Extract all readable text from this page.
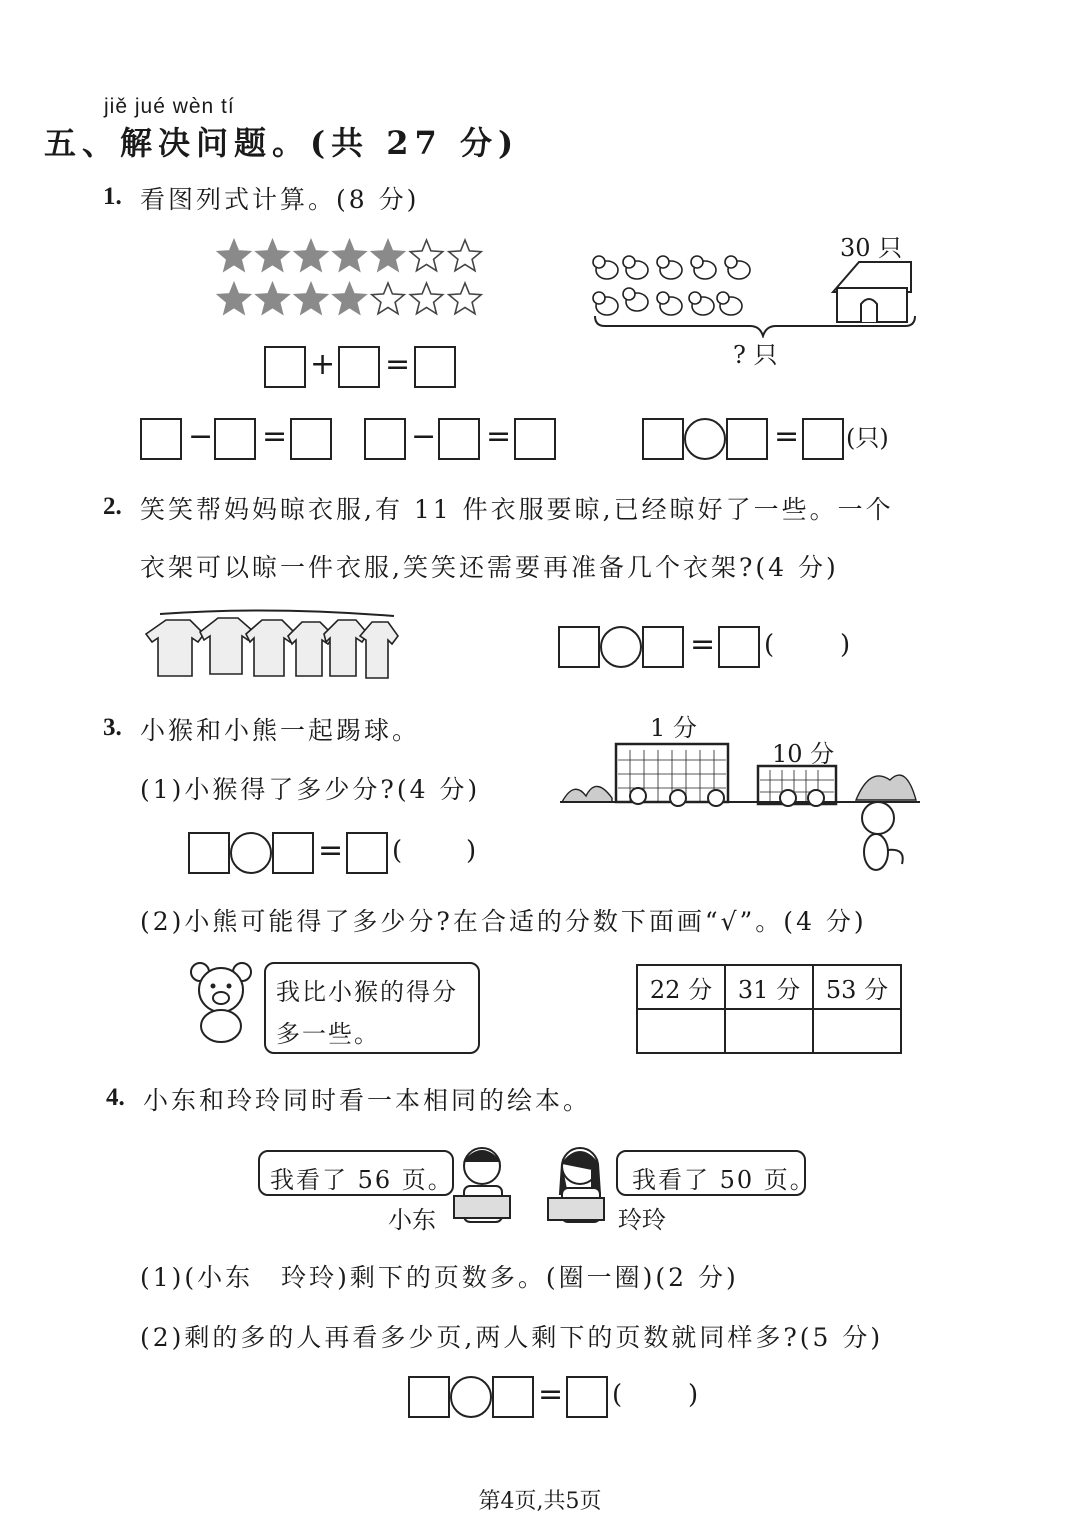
jiě jué wèn tí
五、解决问题。(共 27 分)
1. 看图列式计算。(8 分)
30 只
? 只
+ =
− =	− =	= (只)
2. 笑笑帮妈妈晾衣服,有 11 件衣服要晾,已经晾好了一些。一个
衣架可以晾一件衣服,笑笑还需要再准备几个衣架?(4 分)
= (	)
3. 小猴和小熊一起踢球。
(1)小猴得了多少分?(4 分)
1 分
10 分
= ( )
(2)小熊可能得了多少分?在合适的分数下面画“√”。(4 分)
我比小猴的得分
多一些。
22 分	31 分	53 分

4. 小东和玲玲同时看一本相同的绘本。
我看了 56 页。
小东	玲玲
我看了 50 页。
(1)(小东　玲玲)剩下的页数多。(圈一圈)(2 分)
(2)剩的多的人再看多少页,两人剩下的页数就同样多?(5 分)
= (	)
第4页,共5页
